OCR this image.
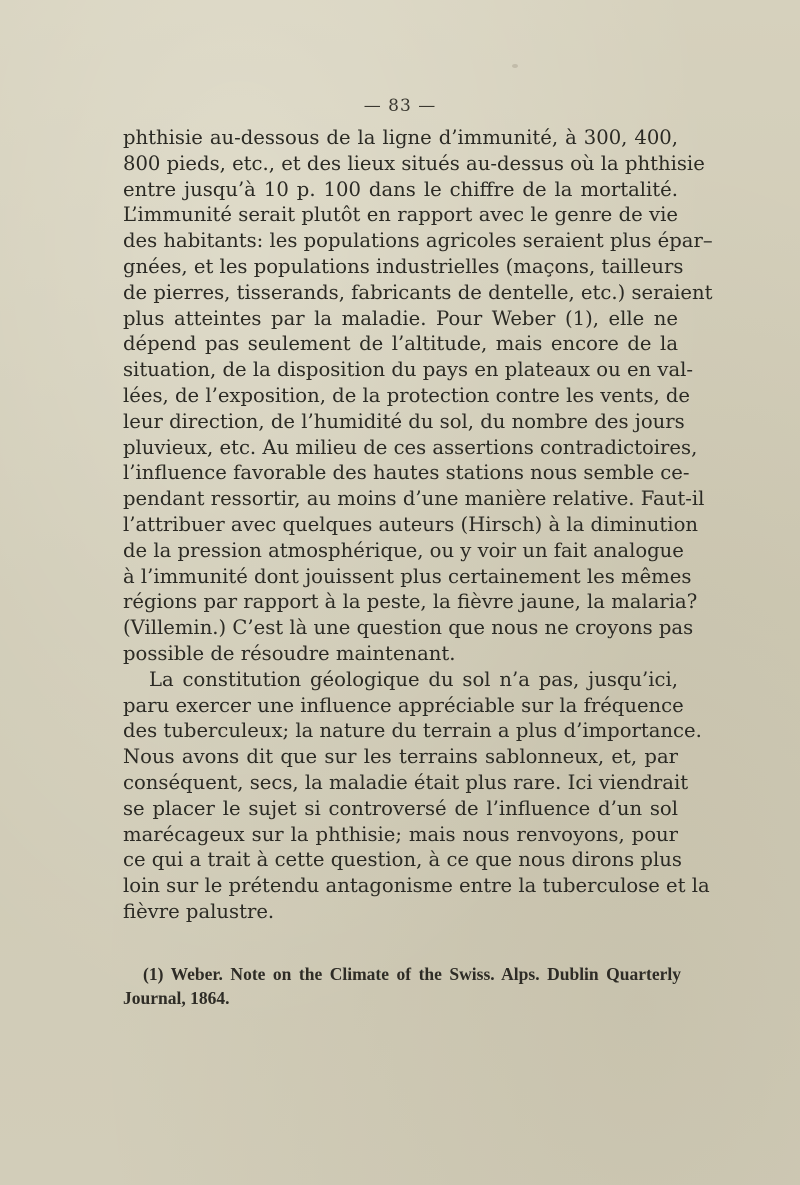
— 83 —
phthisie au-dessous de la ligne d’immunité, à 300, 400,
800 pieds, etc., et des lieux situés au-dessus où la phthisie
entre jusqu’à 10 p. 100 dans le chiffre de la mortalité.
L’immunité serait plutôt en rapport avec le genre de vie
des habitants: les populations agricoles seraient plus épar–
gnées, et les populations industrielles (maçons, tailleurs
de pierres, tisserands, fabricants de dentelle, etc.) seraient
plus atteintes par la maladie. Pour Weber (1), elle ne
dépend pas seulement de l’altitude, mais encore de la
situation, de la disposition du pays en plateaux ou en val-
lées, de l’exposition, de la protection contre les vents, de
leur direction, de l’humidité du sol, du nombre des jours
pluvieux, etc. Au milieu de ces assertions contradictoires,
l’influence favorable des hautes stations nous semble ce-
pendant ressortir, au moins d’une manière relative. Faut-il
l’attribuer avec quelques auteurs (Hirsch) à la diminution
de la pression atmosphérique, ou y voir un fait analogue
à l’immunité dont jouissent plus certainement les mêmes
régions par rapport à la peste, la fièvre jaune, la malaria?
(Villemin.) C’est là une question que nous ne croyons pas
possible de résoudre maintenant.
La constitution géologique du sol n’a pas, jusqu’ici,
paru exercer une influence appréciable sur la fréquence
des tuberculeux; la nature du terrain a plus d’importance.
Nous avons dit que sur les terrains sablonneux, et, par
conséquent, secs, la maladie était plus rare. Ici viendrait
se placer le sujet si controversé de l’influence d’un sol
marécageux sur la phthisie; mais nous renvoyons, pour
ce qui a trait à cette question, à ce que nous dirons plus
loin sur le prétendu antagonisme entre la tuberculose et la
fièvre palustre.
(1) Weber. Note on the Climate of the Swiss. Alps. Dublin Quarterly
Journal, 1864.
